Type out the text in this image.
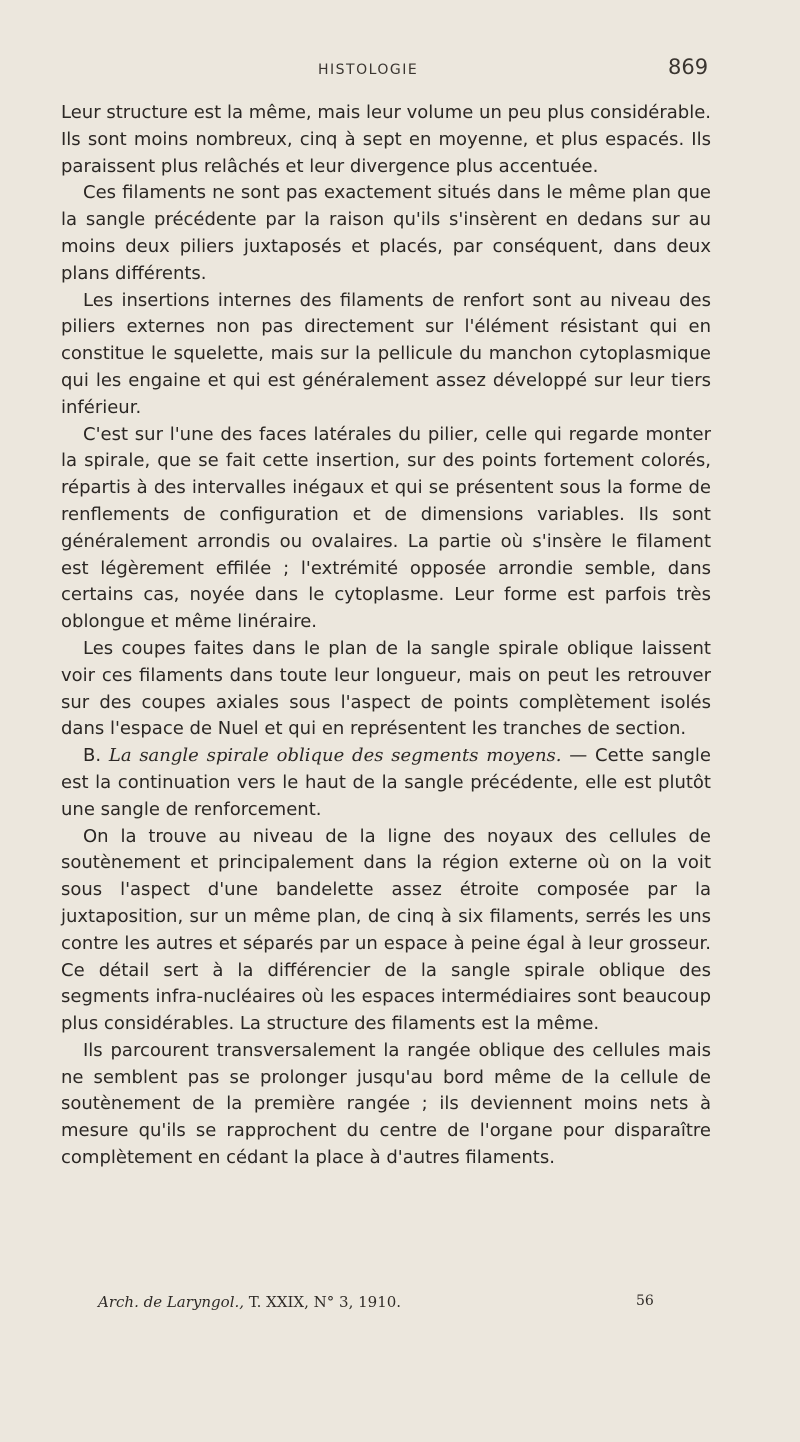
HISTOLOGIE	869

Leur structure est la même, mais leur volume un peu plus considérable. Ils sont moins nombreux, cinq à sept en moyenne, et plus espacés. Ils paraissent plus relâchés et leur divergence plus accentuée.

Ces filaments ne sont pas exactement situés dans le même plan que la sangle précédente par la raison qu'ils s'insèrent en dedans sur au moins deux piliers juxtaposés et placés, par conséquent, dans deux plans différents.

Les insertions internes des filaments de renfort sont au niveau des piliers externes non pas directement sur l'élément résistant qui en constitue le squelette, mais sur la pellicule du manchon cytoplasmique qui les engaine et qui est généralement assez développé sur leur tiers inférieur.

C'est sur l'une des faces latérales du pilier, celle qui regarde monter la spirale, que se fait cette insertion, sur des points fortement colorés, répartis à des intervalles inégaux et qui se présentent sous la forme de renflements de configuration et de dimensions variables. Ils sont généralement arrondis ou ovalaires. La partie où s'insère le filament est légèrement effilée ; l'extrémité opposée arrondie semble, dans certains cas, noyée dans le cytoplasme. Leur forme est parfois très oblongue et même linéraire.

Les coupes faites dans le plan de la sangle spirale oblique laissent voir ces filaments dans toute leur longueur, mais on peut les retrouver sur des coupes axiales sous l'aspect de points complètement isolés dans l'espace de Nuel et qui en représentent les tranches de section.

B. La sangle spirale oblique des segments moyens. — Cette sangle est la continuation vers le haut de la sangle précédente, elle est plutôt une sangle de renforcement.

On la trouve au niveau de la ligne des noyaux des cellules de soutènement et principalement dans la région externe où on la voit sous l'aspect d'une bandelette assez étroite composée par la juxtaposition, sur un même plan, de cinq à six filaments, serrés les uns contre les autres et séparés par un espace à peine égal à leur grosseur. Ce détail sert à la différencier de la sangle spirale oblique des segments infra-nucléaires où les espaces intermédiaires sont beaucoup plus considérables. La structure des filaments est la même.

Ils parcourent transversalement la rangée oblique des cellules mais ne semblent pas se prolonger jusqu'au bord même de la cellule de soutènement de la première rangée ; ils deviennent moins nets à mesure qu'ils se rapprochent du centre de l'organe pour disparaître complètement en cédant la place à d'autres filaments.

Arch. de Laryngol., T. XXIX, N° 3, 1910.	56
